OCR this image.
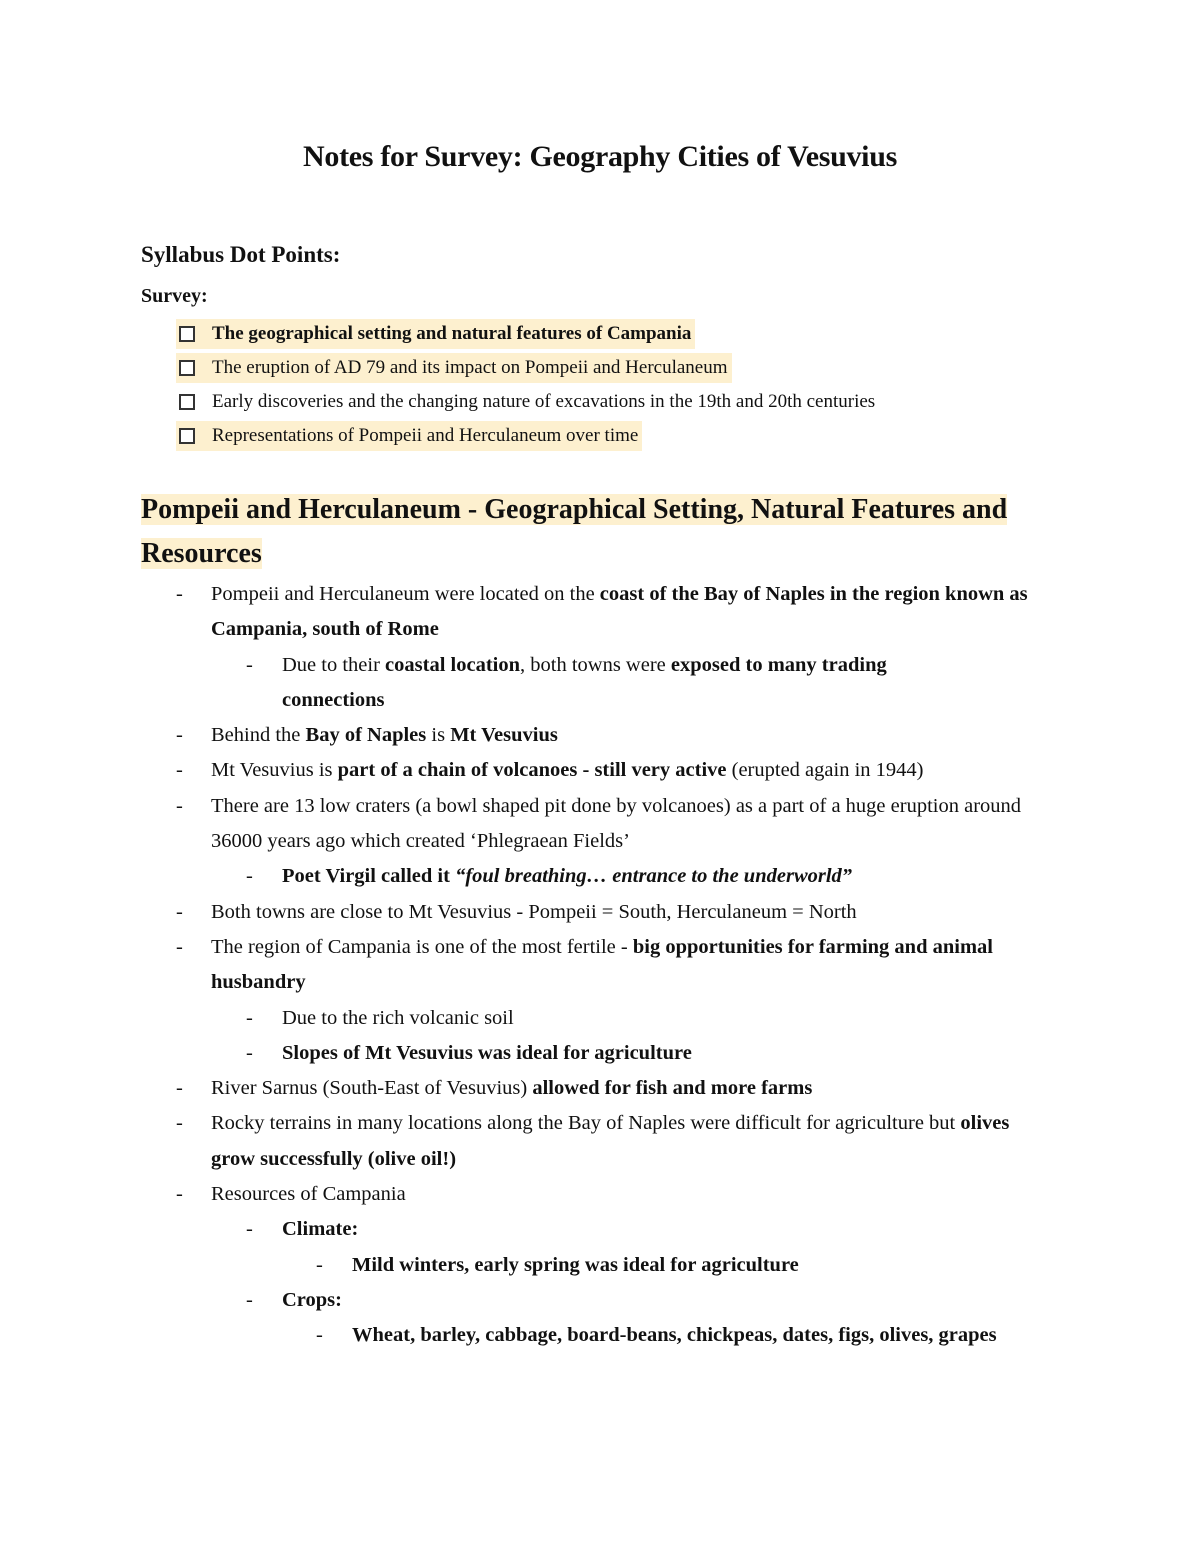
Notes for Survey: Geography Cities of Vesuvius
Syllabus Dot Points:
Survey:
The geographical setting and natural features of Campania
The eruption of AD 79 and its impact on Pompeii and Herculaneum
Early discoveries and the changing nature of excavations in the 19th and 20th centuries
Representations of Pompeii and Herculaneum over time
Pompeii and Herculaneum - Geographical Setting, Natural Features and Resources
- Pompeii and Herculaneum were located on the coast of the Bay of Naples in the region known as Campania, south of Rome
- Due to their coastal location, both towns were exposed to many trading connections
- Behind the Bay of Naples is Mt Vesuvius
- Mt Vesuvius is part of a chain of volcanoes - still very active (erupted again in 1944)
- There are 13 low craters (a bowl shaped pit done by volcanoes) as a part of a huge eruption around 36000 years ago which created ‘Phlegraean Fields’
- Poet Virgil called it “foul breathing… entrance to the underworld”
- Both towns are close to Mt Vesuvius - Pompeii = South, Herculaneum = North
- The region of Campania is one of the most fertile - big opportunities for farming and animal husbandry
- Due to the rich volcanic soil
- Slopes of Mt Vesuvius was ideal for agriculture
- River Sarnus (South-East of Vesuvius) allowed for fish and more farms
- Rocky terrains in many locations along the Bay of Naples were difficult for agriculture but olives grow successfully (olive oil!)
- Resources of Campania
- Climate:
- Mild winters, early spring was ideal for agriculture
- Crops:
- Wheat, barley, cabbage, board-beans, chickpeas, dates, figs, olives, grapes
